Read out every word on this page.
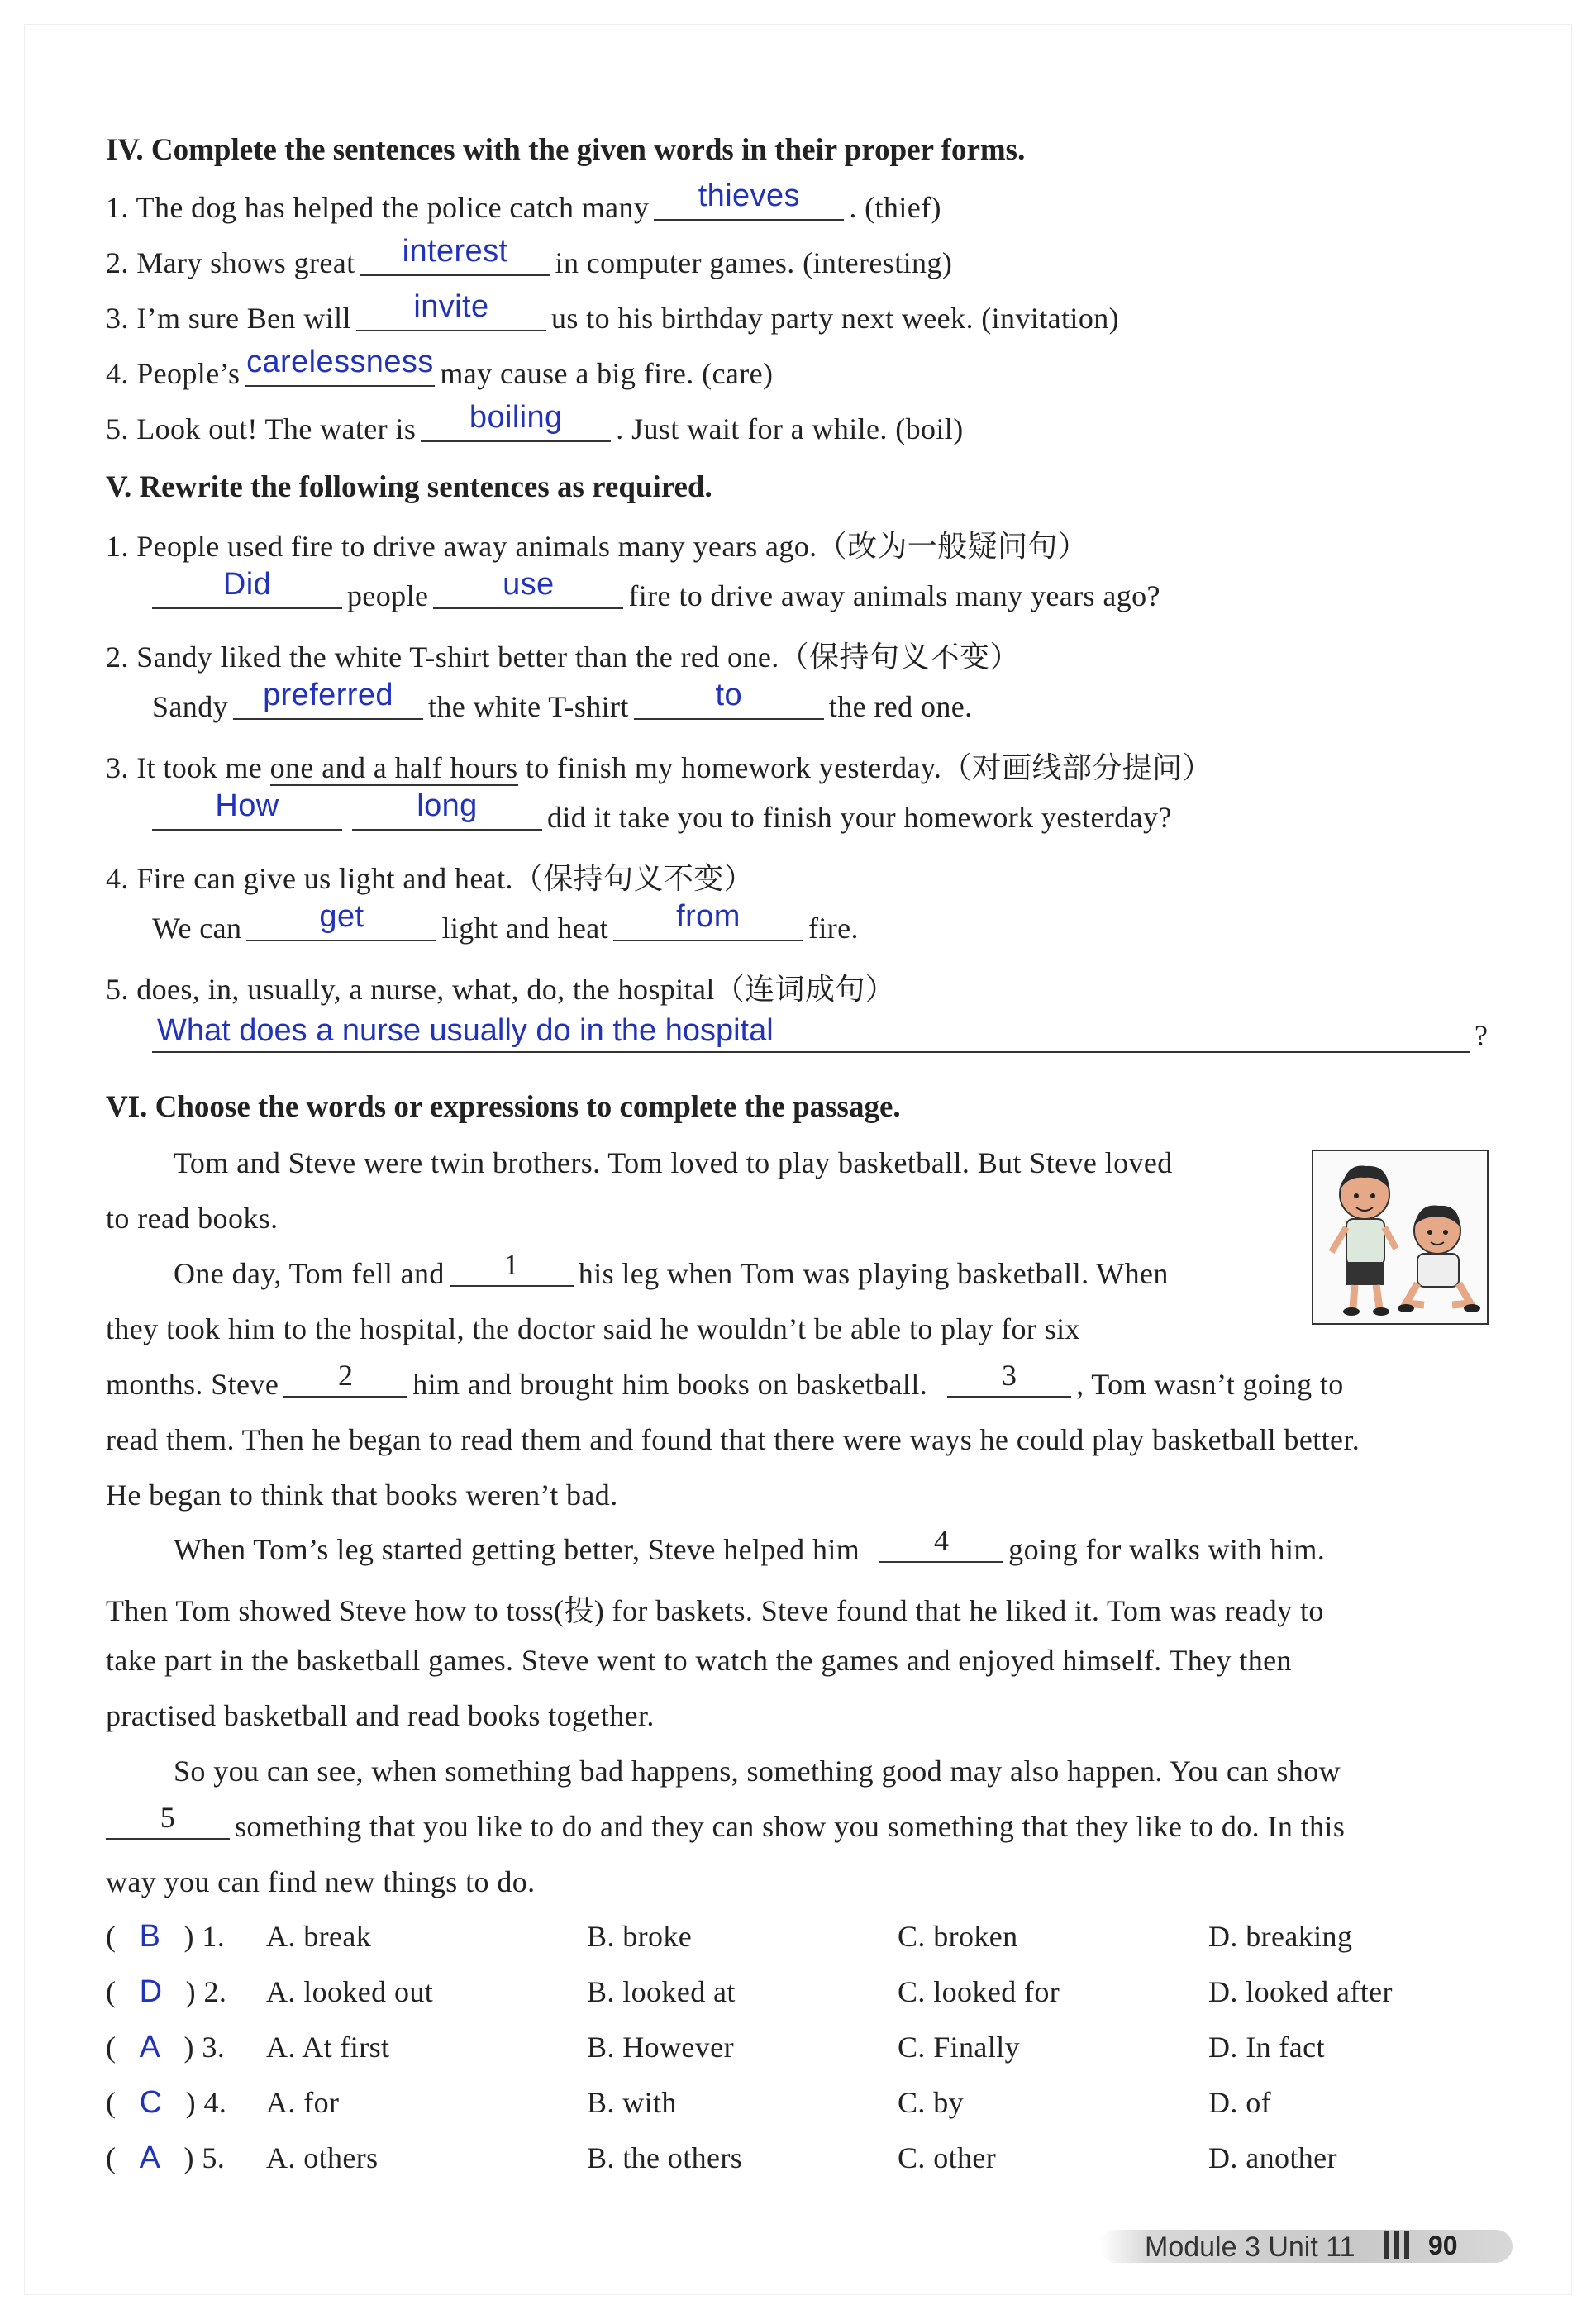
IV. Complete the sentences with the given words in their proper forms.
1. The dog has helped the police catch many	thieves	. (thief)
2. Mary shows great	interest	in computer games. (interesting)
3. I’m sure Ben will	invite	us to his birthday party next week. (invitation)
4. People’s carelessness may cause a big fire. (care)
5. Look out! The water is	boiling	. Just wait for a while. (boil)
V. Rewrite the following sentences as required.
1. People used fire to drive away animals many years ago.（改为一般疑问句）
Did	people	use	fire to drive away animals many years ago?
2. Sandy liked the white T-shirt better than the red one.（保持句义不变）
Sandy	preferred	the white T-shirt	to	the red one.
3. It took me one and a half hours to finish my homework yesterday.（对画线部分提问）
How	long	did it take you to finish your homework yesterday?
4. Fire can give us light and heat.（保持句义不变）
We can	get	light and heat	from	fire.
5. does, in, usually, a nurse, what, do, the hospital（连词成句）
What does a nurse usually do in the hospital	?
VI. Choose the words or expressions to complete the passage.
Tom and Steve were twin brothers. Tom loved to play basketball. But Steve loved
to read books.
One day, Tom fell and	1	his leg when Tom was playing basketball. When
they took him to the hospital, the doctor said he wouldn’t be able to play for six
months. Steve	2	him and brought him books on basketball.	3	, Tom wasn’t going to
read them. Then he began to read them and found that there were ways he could play basketball better.
He began to think that books weren’t bad.
When Tom’s leg started getting better, Steve helped him	4	going for walks with him.
Then Tom showed Steve how to toss(投) for baskets. Steve found that he liked it. Tom was ready to
take part in the basketball games. Steve went to watch the games and enjoyed himself. They then
practised basketball and read books together.
So you can see, when something bad happens, something good may also happen. You can show
5	something that you like to do and they can show you something that they like to do. In this
way you can find new things to do.
(   B   ) 1. A. break	B. broke	C. broken	D. breaking
(   D   ) 2. A. looked out	B. looked at	C. looked for	D. looked after
(   A   ) 3. A. At first	B. However	C. Finally	D. In fact
(   C   ) 4. A. for	B. with	C. by	D. of
(   A   ) 5. A. others	B. the others	C. other	D. another
Module 3 Unit 11	90
